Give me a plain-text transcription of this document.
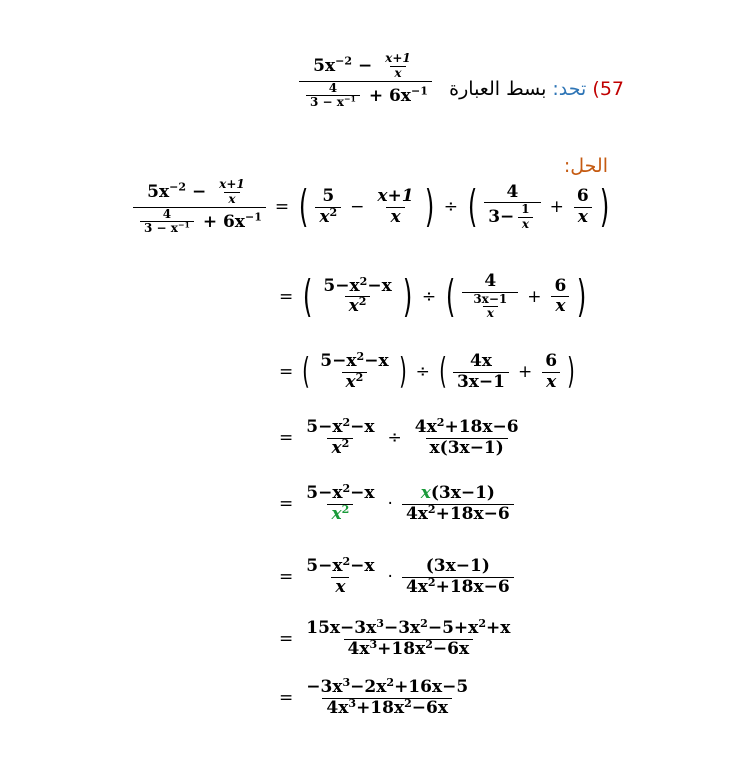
$\frac{5x^{-2} - \frac{x+1}{x}}{\frac{4}{3 - x^{-1}} + 6x^{-1}}$	57) تحد: بسط العبارة
الحل:
$\frac{5x^{-2} - \frac{x+1}{x}}{\frac{4}{3 - x^{-1}} + 6x^{-1}}$ = ( $\frac{5}{x^2} - \frac{x+1}{x}$ ) ÷ ( $\frac{4}{3- \frac{1}{x}} + \frac{6}{x}$ )
= ( $\frac{5-x^2-x}{x^2}$ ) ÷ ( $\frac{4}{\frac{3x-1}{x}} + \frac{6}{x}$ )
= ( $\frac{5-x^2-x}{x^2}$ ) ÷ ( $\frac{4x}{3x-1} + \frac{6}{x}$ )
= $\frac{5-x^2-x}{x^2} \div \frac{4x^2+18x-6}{x(3x-1)}$
= $\frac{5-x^2-x}{x^2} \cdot \frac{x(3x-1)}{4x^2+18x-6}$
= $\frac{5-x^2-x}{x} \cdot \frac{(3x-1)}{4x^2+18x-6}$
= $\frac{15x-3x^3-3x^2-5+x^2+x}{4x^3+18x^2-6x}$
= $\frac{-3x^3-2x^2+16x-5}{4x^3+18x^2-6x}$
